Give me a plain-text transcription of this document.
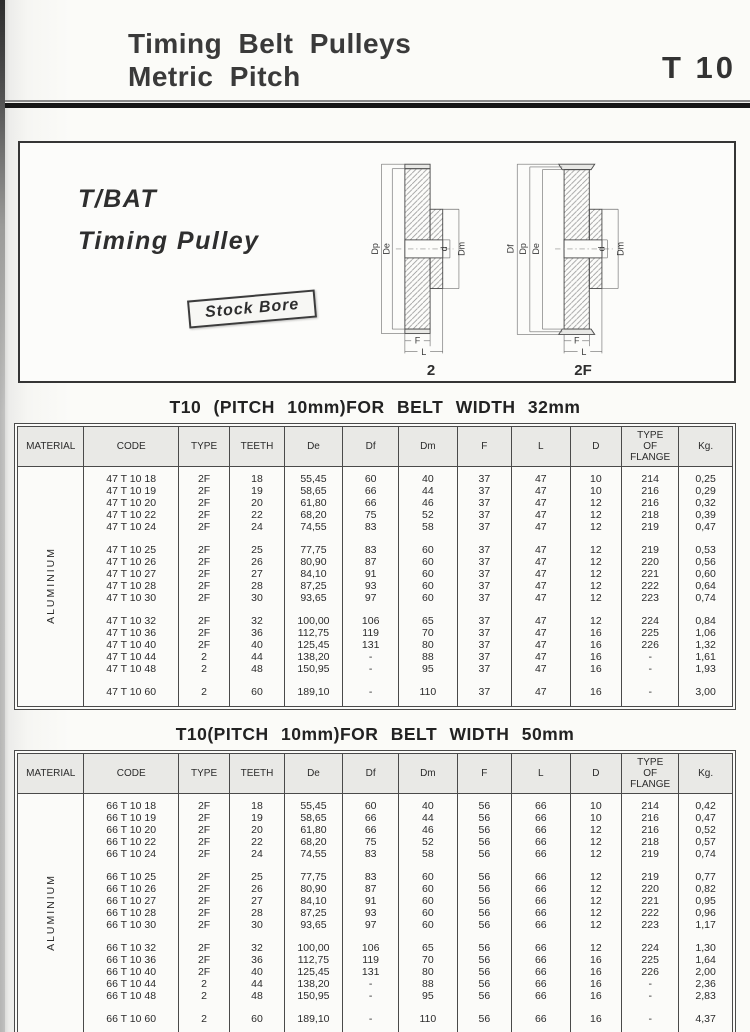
Timing Belt Pulleys
Metric Pitch	T 10
T/BAT
Timing Pulley
Stock Bore
Dp De	d Dm
F
L
2
Df Dp De	d Dm
F
L
2F
T10 (PITCH 10mm)FOR BELT WIDTH 32mm
MATERIAL	CODE	TYPE	TEETH	De	Df	Dm	F	L	D	TYPE
OF
FLANGE	Kg.
ALUMINIUM											
	47 T 10 18	2F	18	55,45	60	40	37	47	10	214	0,25
	47 T 10 19	2F	19	58,65	66	44	37	47	10	216	0,29
	47 T 10 20	2F	20	61,80	66	46	37	47	12	216	0,32
	47 T 10 22	2F	22	68,20	75	52	37	47	12	218	0,39
	47 T 10 24	2F	24	74,55	83	58	37	47	12	219	0,47

	47 T 10 25	2F	25	77,75	83	60	37	47	12	219	0,53
	47 T 10 26	2F	26	80,90	87	60	37	47	12	220	0,56
	47 T 10 27	2F	27	84,10	91	60	37	47	12	221	0,60
	47 T 10 28	2F	28	87,25	93	60	37	47	12	222	0,64
	47 T 10 30	2F	30	93,65	97	60	37	47	12	223	0,74

	47 T 10 32	2F	32	100,00	106	65	37	47	12	224	0,84
	47 T 10 36	2F	36	112,75	119	70	37	47	16	225	1,06
	47 T 10 40	2F	40	125,45	131	80	37	47	16	226	1,32
	47 T 10 44	2	44	138,20	-	88	37	47	16	-	1,61
	47 T 10 48	2	48	150,95	-	95	37	47	16	-	1,93

	47 T 10 60	2	60	189,10	-	110	37	47	16	-	3,00

T10(PITCH 10mm)FOR BELT WIDTH 50mm
MATERIAL	CODE	TYPE	TEETH	De	Df	Dm	F	L	D	TYPE
OF
FLANGE	Kg.
ALUMINIUM											
	66 T 10 18	2F	18	55,45	60	40	56	66	10	214	0,42
	66 T 10 19	2F	19	58,65	66	44	56	66	10	216	0,47
	66 T 10 20	2F	20	61,80	66	46	56	66	12	216	0,52
	66 T 10 22	2F	22	68,20	75	52	56	66	12	218	0,57
	66 T 10 24	2F	24	74,55	83	58	56	66	12	219	0,74

	66 T 10 25	2F	25	77,75	83	60	56	66	12	219	0,77
	66 T 10 26	2F	26	80,90	87	60	56	66	12	220	0,82
	66 T 10 27	2F	27	84,10	91	60	56	66	12	221	0,95
	66 T 10 28	2F	28	87,25	93	60	56	66	12	222	0,96
	66 T 10 30	2F	30	93,65	97	60	56	66	12	223	1,17

	66 T 10 32	2F	32	100,00	106	65	56	66	12	224	1,30
	66 T 10 36	2F	36	112,75	119	70	56	66	16	225	1,64
	66 T 10 40	2F	40	125,45	131	80	56	66	16	226	2,00
	66 T 10 44	2	44	138,20	-	88	56	66	16	-	2,36
	66 T 10 48	2	48	150,95	-	95	56	66	16	-	2,83

	66 T 10 60	2	60	189,10	-	110	56	66	16	-	4,37
